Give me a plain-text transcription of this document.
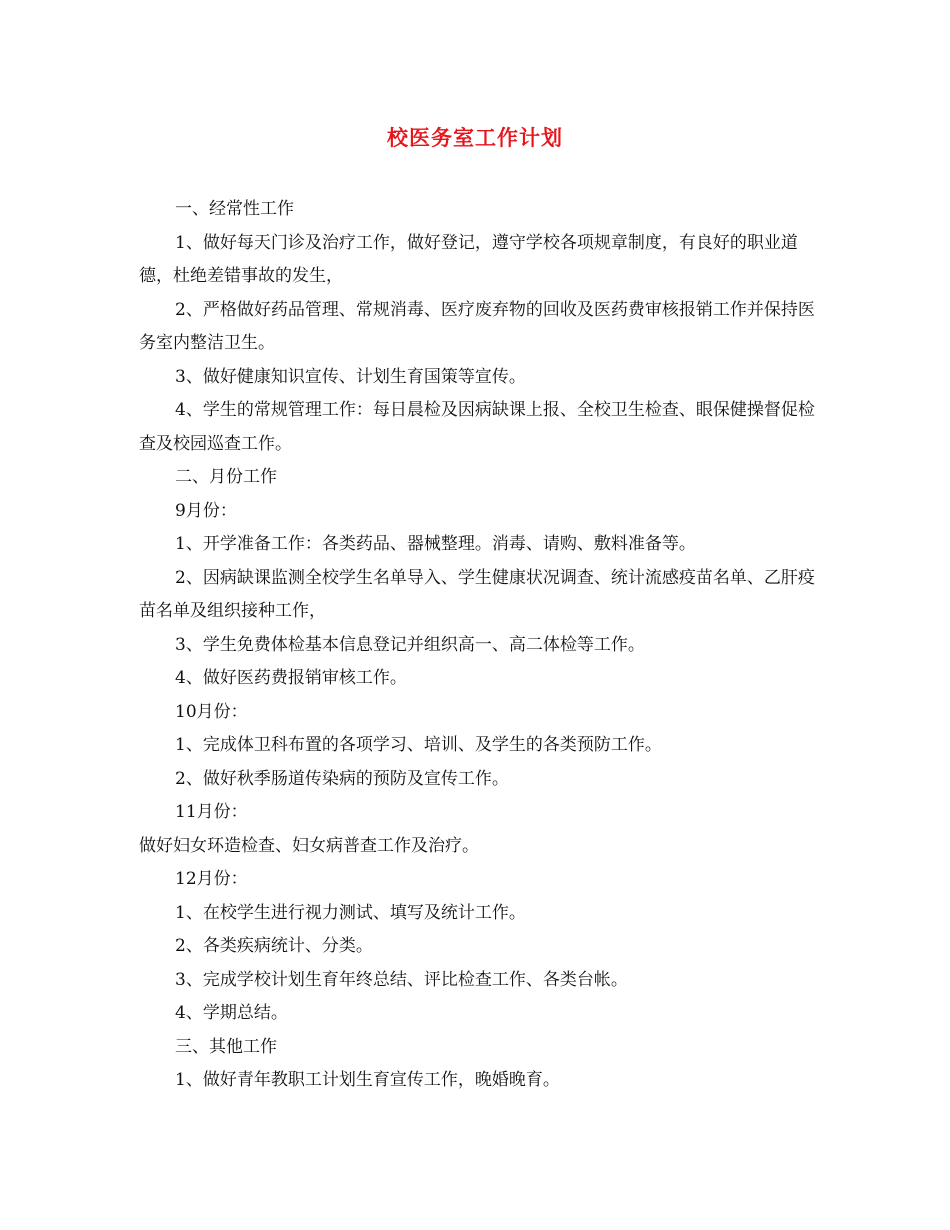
校医务室工作计划

一、经常性工作

1、做好每天门诊及治疗工作，做好登记，遵守学校各项规章制度，有良好的职业道德，杜绝差错事故的发生，

2、严格做好药品管理、常规消毒、医疗废弃物的回收及医药费审核报销工作并保持医务室内整洁卫生。

3、做好健康知识宣传、计划生育国策等宣传。

4、学生的常规管理工作：每日晨检及因病缺课上报、全校卫生检查、眼保健操督促检查及校园巡查工作。

二、月份工作

9月份：

1、开学准备工作：各类药品、器械整理。消毒、请购、敷料准备等。

2、因病缺课监测全校学生名单导入、学生健康状况调查、统计流感疫苗名单、乙肝疫苗名单及组织接种工作，

3、学生免费体检基本信息登记并组织高一、高二体检等工作。

4、做好医药费报销审核工作。

10月份：

1、完成体卫科布置的各项学习、培训、及学生的各类预防工作。

2、做好秋季肠道传染病的预防及宣传工作。

11月份：

做好妇女环造检查、妇女病普查工作及治疗。

12月份：

1、在校学生进行视力测试、填写及统计工作。

2、各类疾病统计、分类。

3、完成学校计划生育年终总结、评比检查工作、各类台帐。

4、学期总结。

三、其他工作

1、做好青年教职工计划生育宣传工作，晚婚晚育。
